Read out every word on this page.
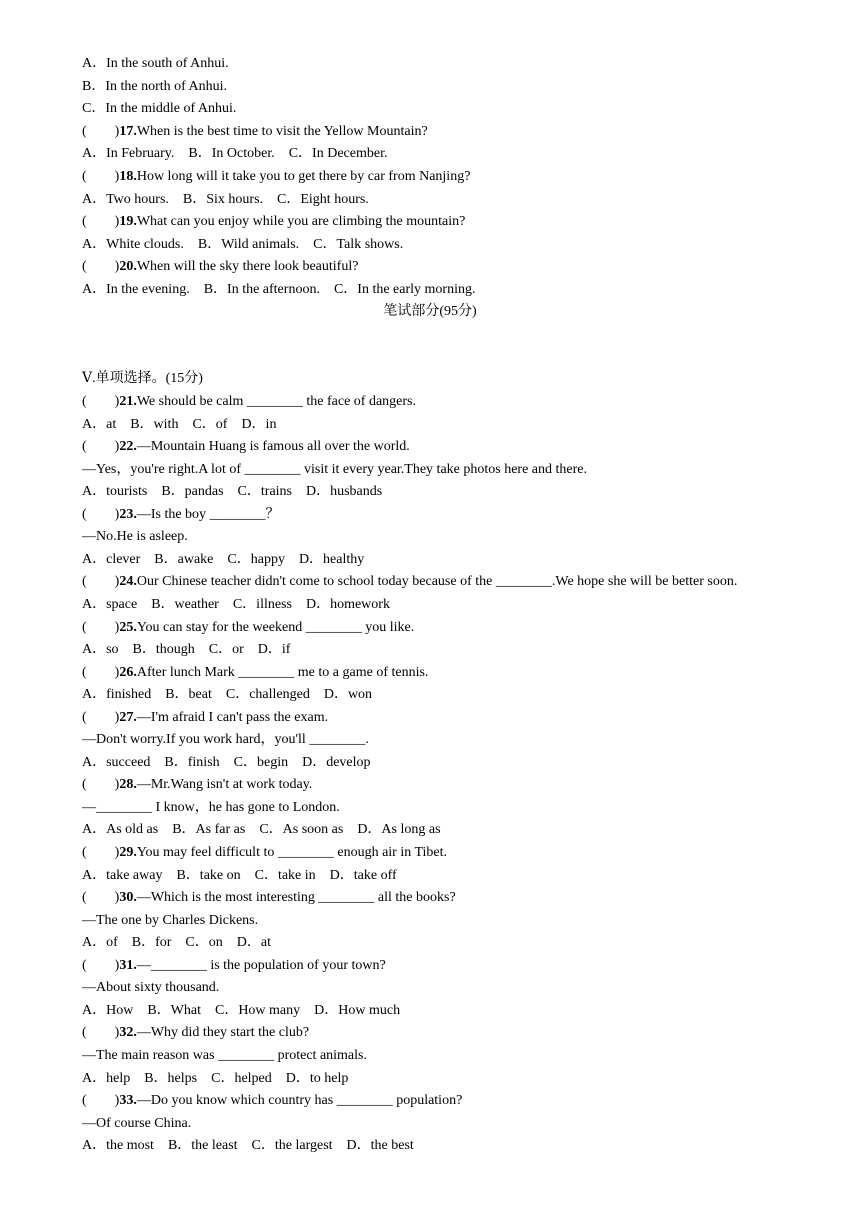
A．In the south of Anhui.
B．In the north of Anhui.
C．In the middle of Anhui.
(　　)17.When is the best time to visit the Yellow Mountain?
A．In February.　B．In October.　C．In December.
(　　)18.How long will it take you to get there by car from Nanjing?
A．Two hours.　B．Six hours.　C．Eight hours.
(　　)19.What can you enjoy while you are climbing the mountain?
A．White clouds.　B．Wild animals.　C．Talk shows.
(　　)20.When will the sky there look beautiful?
A．In the evening.　B．In the afternoon.　C．In the early morning.
笔试部分(95分)
Ⅴ.单项选择。(15分)
(　　)21.We should be calm ________ the face of dangers.
A．at　B．with　C．of　D．in
(　　)22.—Mountain Huang is famous all over the world.
—Yes，you're right.A lot of ________ visit it every year.They take photos here and there.
A．tourists　B．pandas　C．trains　D．husbands
(　　)23.—Is the boy ________？
—No.He is asleep.
A．clever　B．awake　C．happy　D．healthy
(　　)24.Our Chinese teacher didn't come to school today because of the ________.We hope she will be better soon.
A．space　B．weather　C．illness　D．homework
(　　)25.You can stay for the weekend ________ you like.
A．so　B．though　C．or　D．if
(　　)26.After lunch Mark ________ me to a game of tennis.
A．finished　B．beat　C．challenged　D．won
(　　)27.—I'm afraid I can't pass the exam.
—Don't worry.If you work hard，you'll ________.
A．succeed　B．finish　C．begin　D．develop
(　　)28.—Mr.Wang isn't at work today.
—________ I know，he has gone to London.
A．As old as　B．As far as　C．As soon as　D．As long as
(　　)29.You may feel difficult to ________ enough air in Tibet.
A．take away　B．take on　C．take in　D．take off
(　　)30.—Which is the most interesting ________ all the books?
—The one by Charles Dickens.
A．of　B．for　C．on　D．at
(　　)31.—________ is the population of your town?
—About sixty thousand.
A．How　B．What　C．How many　D．How much
(　　)32.—Why did they start the club?
—The main reason was ________ protect animals.
A．help　B．helps　C．helped　D．to help
(　　)33.—Do you know which country has ________ population?
—Of course China.
A．the most　B．the least　C．the largest　D．the best
